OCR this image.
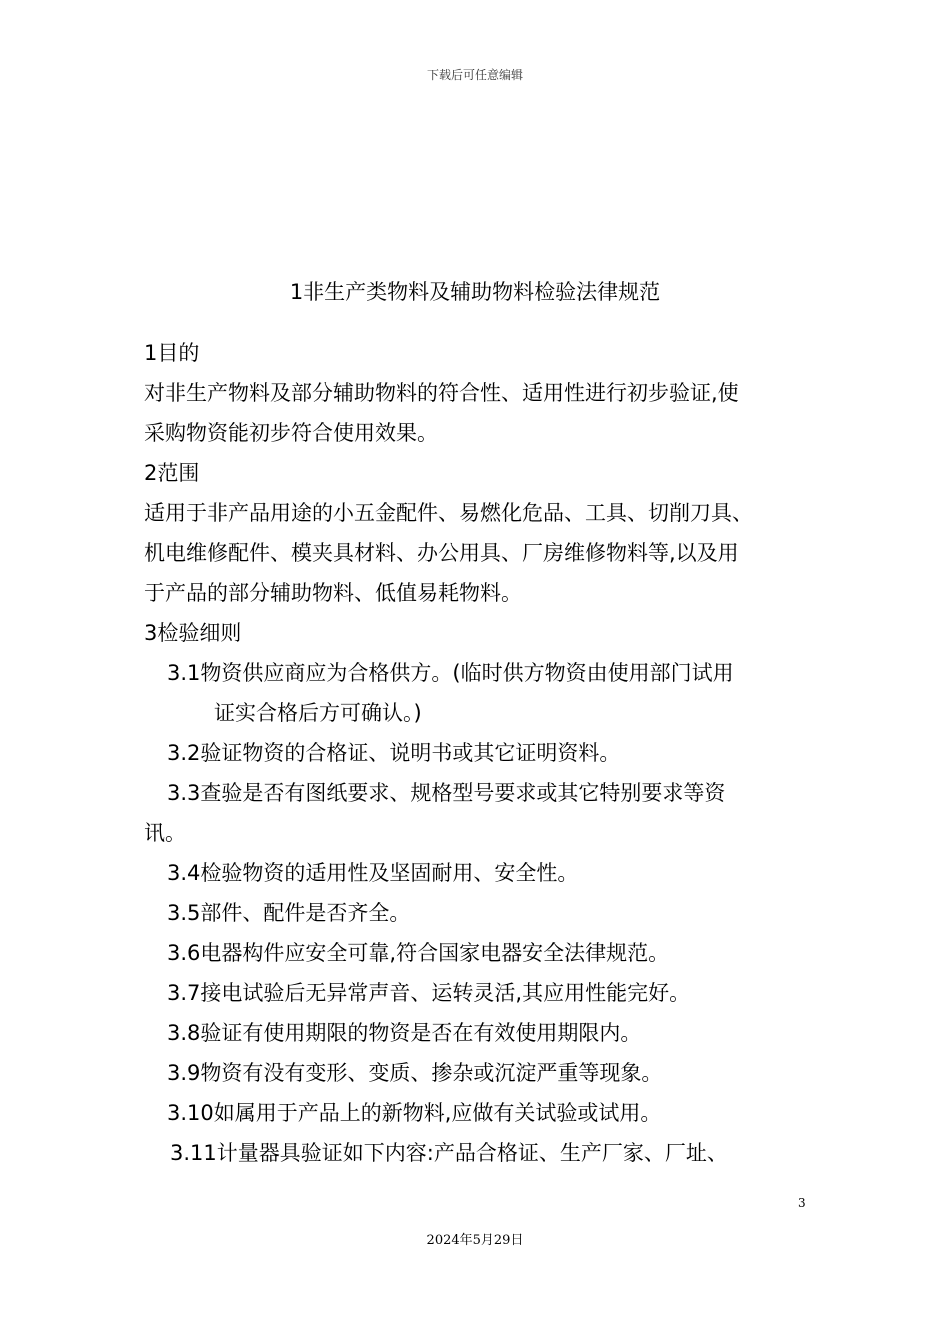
下载后可任意编辑
1非生产类物料及辅助物料检验法律规范
1目的
对非生产物料及部分辅助物料的符合性、适用性进行初步验证,使
采购物资能初步符合使用效果。
2范围
适用于非产品用途的小五金配件、易燃化危品、工具、切削刀具、
机电维修配件、模夹具材料、办公用具、厂房维修物料等,以及用
于产品的部分辅助物料、低值易耗物料。
3检验细则
3.1物资供应商应为合格供方。(临时供方物资由使用部门试用
证实合格后方可确认。)
3.2验证物资的合格证、说明书或其它证明资料。
3.3查验是否有图纸要求、规格型号要求或其它特别要求等资
讯。
3.4检验物资的适用性及坚固耐用、安全性。
3.5部件、配件是否齐全。
3.6电器构件应安全可靠,符合国家电器安全法律规范。
3.7接电试验后无异常声音、运转灵活,其应用性能完好。
3.8验证有使用期限的物资是否在有效使用期限内。
3.9物资有没有变形、变质、掺杂或沉淀严重等现象。
3.10如属用于产品上的新物料,应做有关试验或试用。
3.11计量器具验证如下内容:产品合格证、生产厂家、厂址、
3
2024年5月29日
